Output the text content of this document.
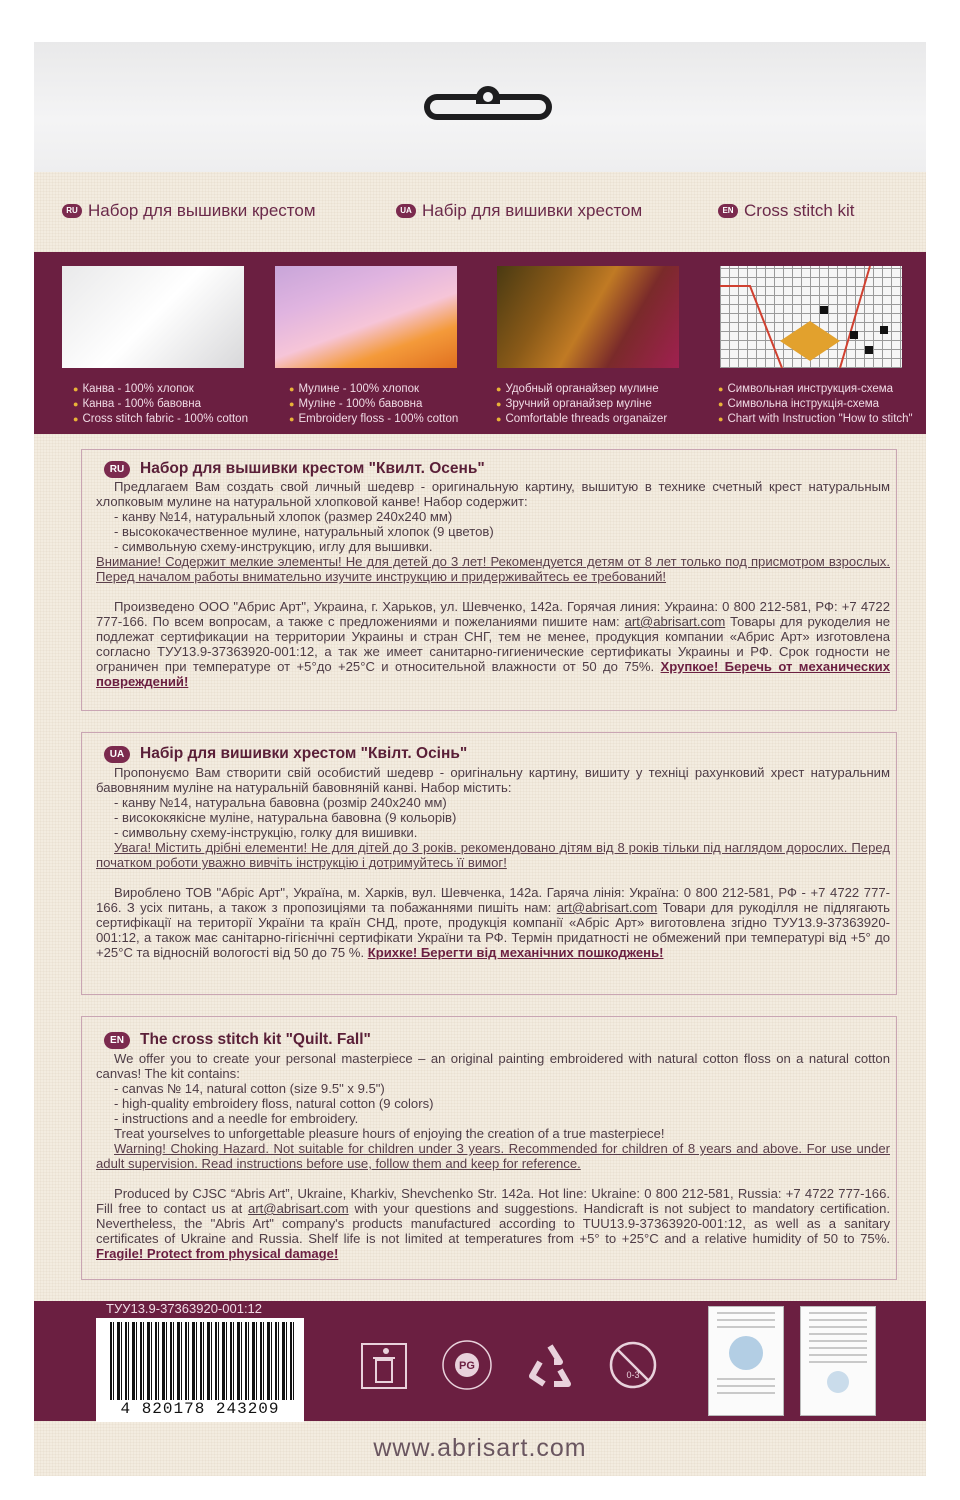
RU Набор для вышивки крестом	UA Набір для вишивки хрестом	EN Cross stitch kit
● Канва - 100% хлопок
● Канва - 100% бавовна
● Cross stitch fabric - 100% cotton
● Мулине - 100% хлопок
● Муліне - 100% бавовна
● Embroidery floss - 100% cotton
● Удобный органайзер мулине
● Зручний органайзер муліне
● Comfortable threads organaizer
● Символьная инструкция-схема
● Символьна інструкція-схема
● Chart with Instruction "How to stitch"
RU	Набор для вышивки крестом "Квилт. Осень"

Предлагаем Вам создать свой личный шедевр - оригинальную картину, вышитую в технике счетный крест натуральным хлопковым мулине на натуральной хлопковой канве! Набор содержит:

- канву №14, натуральный хлопок (размер 240х240 мм)

- высококачественное мулине, натуральный хлопок (9 цветов)

- символьную схему-инструкцию, иглу для вышивки.

Внимание! Содержит мелкие элементы! Не для детей до 3 лет! Рекомендуется детям от 8 лет только под присмотром взрослых. Перед началом работы внимательно изучите инструкцию и придерживайтесь ее требований!

Произведено ООО "Абрис Арт", Украина, г. Харьков, ул. Шевченко, 142а. Горячая линия: Украина: 0 800 212-581, РФ: +7 4722 777-166. По всем вопросам, а также с предложениями и пожеланиями пишите нам: art@abrisart.com Товары для рукоделия не подлежат сертификации на территории Украины и стран СНГ, тем не менее, продукция компании «Абрис Арт» изготовлена согласно ТУУ13.9-37363920-001:12, а так же имеет санитарно-гигиенические сертификаты Украины и РФ. Срок годности не ограничен при температуре от +5°до +25°С и относительной влажности от 50 до 75%. Хрупкое! Беречь от механических повреждений!

UA	Набір для вишивки хрестом "Квілт. Осінь"

Пропонуємо Вам створити свій особистий шедевр - оригінальну картину, вишиту у техніці рахунковий хрест натуральним бавовняним муліне на натуральній бавовняній канві. Набор містить:

- канву №14, натуральна бавовна (розмір 240х240 мм)

- висококякісне муліне, натуральна бавовна (9 кольорів)

- символьну схему-інструкцію, голку для вишивки.

Увага! Містить дрібні елементи! Не для дітей до 3 років. рекомендовано дітям від 8 років тільки під наглядом дорослих. Перед початком роботи уважно вивчіть інструкцію і дотримуйтесь її вимог!

Вироблено ТОВ "Абріс Арт", Україна, м. Харків, вул. Шевченка, 142а. Гаряча лінія: Україна: 0 800 212-581, РФ - +7 4722 777-166. З усіх питань, а також з пропозиціями та побажаннями пишіть нам: art@abrisart.com Товари для рукоділля не підлягають сертифікації на території України та країн СНД, проте, продукція компанії «Абріс Арт» виготовлена згідно ТУУ13.9-37363920-001:12, а також має санітарно-гігієнічні сертифікати України та РФ. Термін придатності не обмежений при температурі від +5° до +25°С та відносній вологості від 50 до 75 %. Крихке! Берегти від механічних пошкоджень!

EN	The cross stitch kit "Quilt. Fall"

We offer you to create your personal masterpiece – an original painting embroidered with natural cotton floss on a natural cotton canvas! The kit contains:

- canvas № 14, natural cotton (size 9.5" x 9.5")

- high-quality embroidery floss, natural cotton (9 colors)

- instructions and a needle for embroidery.

Treat yourselves to unforgettable pleasure hours of enjoying the creation of a true masterpiece!

Warning! Choking Hazard. Not suitable for children under 3 years. Recommended for children of 8 years and above. For use under adult supervision. Read instructions before use, follow them and keep for reference.

Produced by CJSC “Abris Art”, Ukraine, Kharkiv, Shevchenko Str. 142a. Hot line: Ukraine: 0 800 212-581, Russia: +7 4722 777-166. Fill free to contact us at art@abrisart.com with your questions and suggestions. Handicraft is not subject to mandatory certification. Nevertheless, the "Abris Art" company's products manufactured according to TUU13.9-37363920-001:12, as well as a sanitary certificates of Ukraine and Russia. Shelf life is not limited at temperatures from +5° to +25°C and a relative humidity of 50 to 75%. Fragile! Protect from physical damage!

ТУУ13.9-37363920-001:12
4 820178 243209
PG
0-3
www.abrisart.com
